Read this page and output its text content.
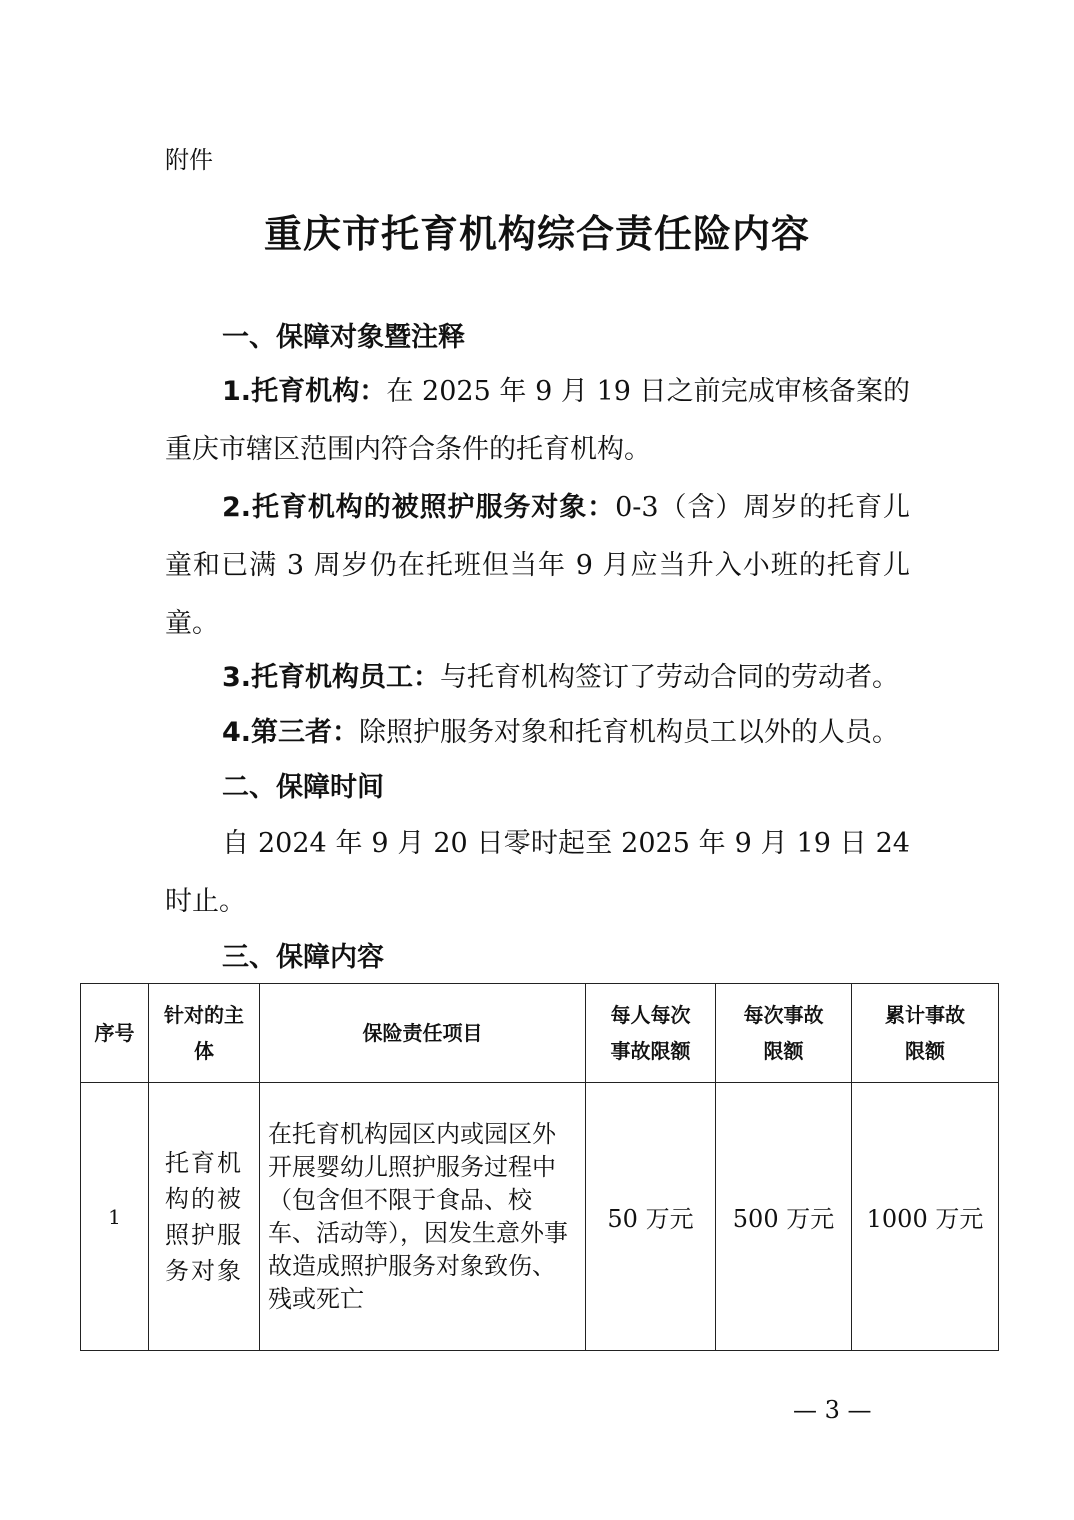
附件
重庆市托育机构综合责任险内容
一、保障对象暨注释
1.托育机构：在 2025 年 9 月 19 日之前完成审核备案的重庆市辖区范围内符合条件的托育机构。
2.托育机构的被照护服务对象：0-3（含）周岁的托育儿童和已满 3 周岁仍在托班但当年 9 月应当升入小班的托育儿童。
3.托育机构员工：与托育机构签订了劳动合同的劳动者。
4.第三者：除照护服务对象和托育机构员工以外的人员。
二、保障时间
自 2024 年 9 月 20 日零时起至 2025 年 9 月 19 日 24 时止。
三、保障内容
序号	针对的主体	保险责任项目	每人每次事故限额	每次事故限额	累计事故限额
1	托育机构的被照护服务对象	在托育机构园区内或园区外开展婴幼儿照护服务过程中（包含但不限于食品、校车、活动等），因发生意外事故造成照护服务对象致伤、残或死亡	50 万元	500 万元	1000 万元
— 3 —
